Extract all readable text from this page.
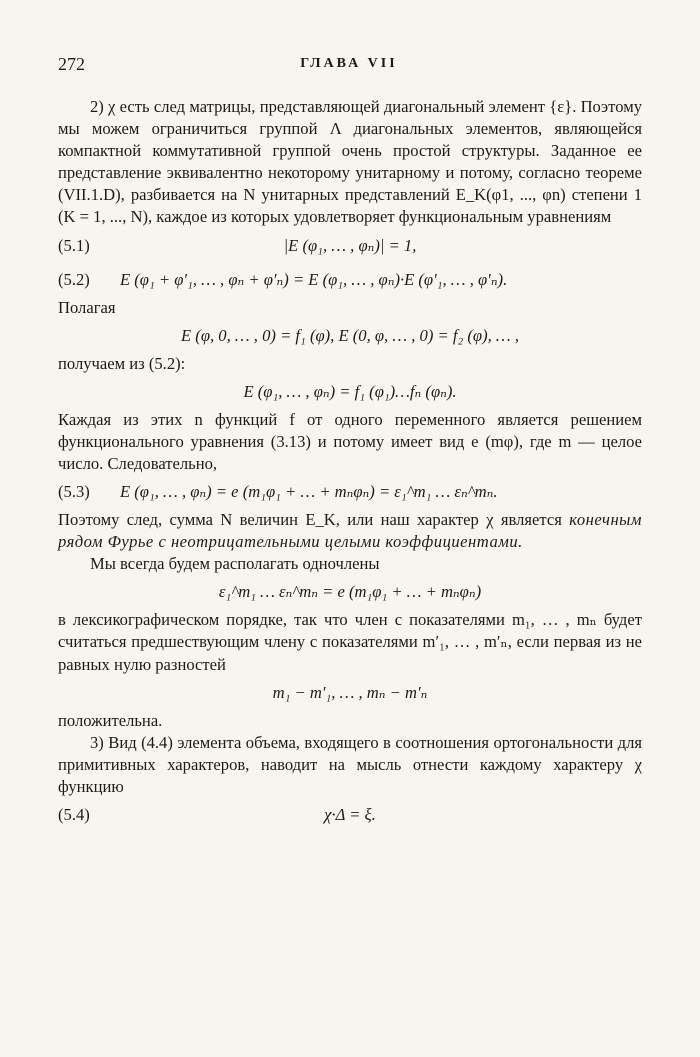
272	ГЛАВА VII

2) χ есть след матрицы, представляющей диагональный элемент {ε}. Поэтому мы можем ограничиться группой Λ диагональных элементов, являющейся компактной коммутативной группой очень простой структуры. Заданное ее представление эквивалентно некоторому унитарному и потому, согласно теореме (VII.1.D), разбивается на N унитарных представлений E_K(φ1, ..., φn) степени 1 (K = 1, ..., N), каждое из которых удовлетворяет функциональным уравнениям

(5.1)	|E (φ₁, … , φₙ)| = 1,
(5.2) E (φ₁ + φ′₁, … , φₙ + φ′ₙ) = E (φ₁, … , φₙ)·E (φ′₁, … , φ′ₙ).

Полагая

E (φ, 0, … , 0) = f₁ (φ), E (0, φ, … , 0) = f₂ (φ), … ,

получаем из (5.2):

E (φ₁, … , φₙ) = f₁ (φ₁)…fₙ (φₙ).

Каждая из этих n функций f от одного переменного является решением функционального уравнения (3.13) и потому имеет вид e (mφ), где m — целое число. Следовательно,

(5.3) E (φ₁, … , φₙ) = e (m₁φ₁ + … + mₙφₙ) = ε₁^m₁ … εₙ^mₙ.

Поэтому след, сумма N величин E_K, или наш характер χ является конечным рядом Фурье с неотрицательными целыми коэффициентами.

Мы всегда будем располагать одночлены

ε₁^m₁ … εₙ^mₙ = e (m₁φ₁ + … + mₙφₙ)

в лексикографическом порядке, так что член с показателями m₁, … , mₙ будет считаться предшествующим члену с показателями m′₁, … , m′ₙ, если первая из не равных нулю разностей

m₁ − m′₁, … , mₙ − m′ₙ

положительна.

3) Вид (4.4) элемента объема, входящего в соотношения ортогональности для примитивных характеров, наводит на мысль отнести каждому характеру χ функцию

(5.4)	χ·Δ = ξ.
